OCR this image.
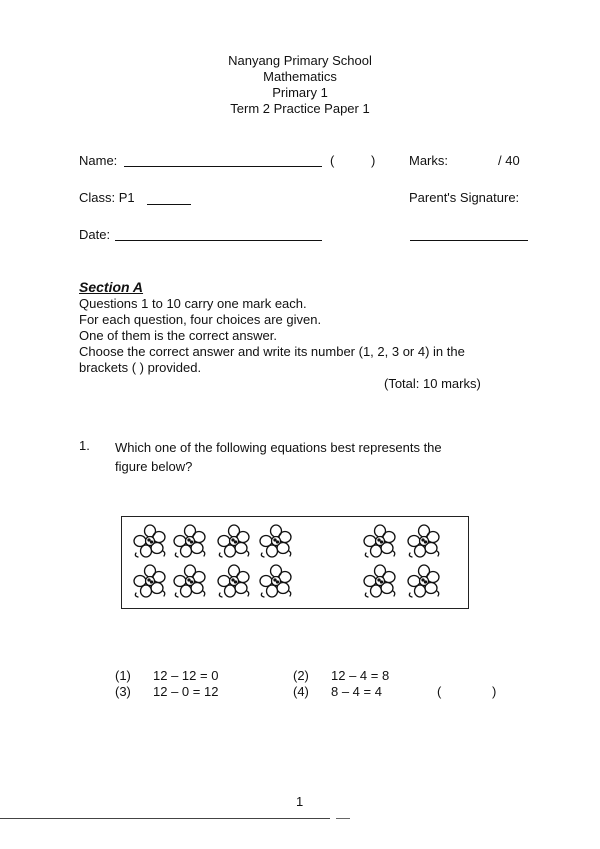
Nanyang Primary School
Mathematics
Primary 1
Term 2 Practice Paper 1
Name:	(	)	Marks:	/ 40
Class: P1	Parent's Signature:
Date:
Section A
Questions 1 to 10 carry one mark each.
For each question, four choices are given.
One of them is the correct answer.
Choose the correct answer and write its number (1, 2, 3 or 4) in the
brackets ( ) provided.
(Total: 10 marks)
1. Which one of the following equations best represents the
figure below?
(1) 12 – 12 = 0	(2) 12 – 4 = 8
(3) 12 – 0 = 12	(4) 8 – 4 = 4	(	)
1
